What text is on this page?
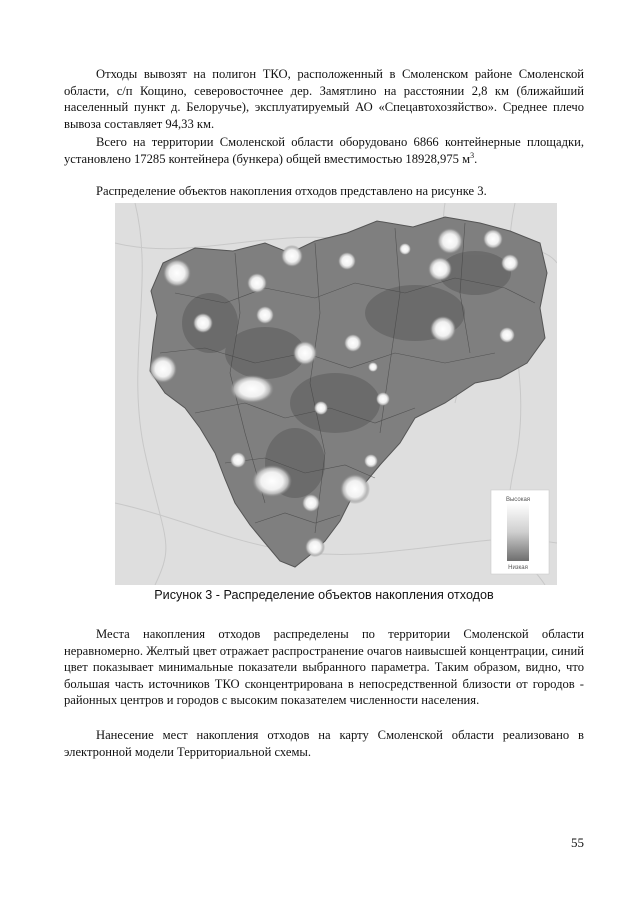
Отходы вывозят на полигон ТКО, расположенный в Смоленском районе Смоленской области, с/п Кощино, северовосточнее дер. Замятлино на расстоянии 2,8 км (ближайший населенный пункт д. Белоручье), эксплуатируемый АО «Спецавтохозяйство». Среднее плечо вывоза составляет 94,33 км.

Всего на территории Смоленской области оборудовано 6866 контейнерные площадки, установлено 17285 контейнера (бункера) общей вместимостью 18928,975 $м^3$.

Распределение объектов накопления отходов представлено на рисунке 3.

Высокая
Низкая
Рисунок 3 - Распределение объектов накопления отходов

Места накопления отходов распределены по территории Смоленской области неравномерно. Желтый цвет отражает распространение очагов наивысшей концентрации, синий цвет показывает минимальные показатели выбранного параметра. Таким образом, видно, что большая часть источников ТКО сконцентрирована в непосредственной близости от городов - районных центров и городов с высоким показателем численности населения.

Нанесение мест накопления отходов на карту Смоленской области реализовано в электронной модели Территориальной схемы.

55
